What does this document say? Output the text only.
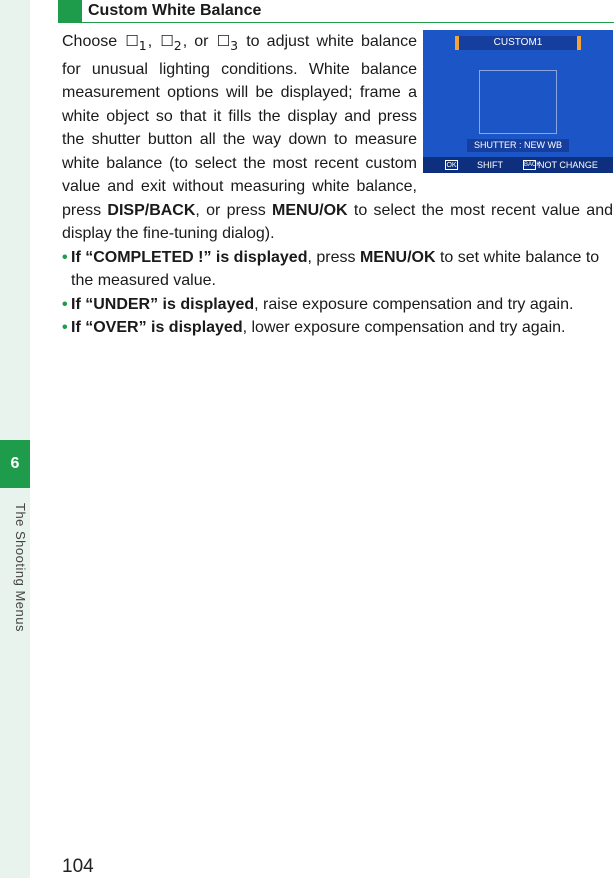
6
The Shooting Menus
Custom White Balance
CUSTOM1
SHUTTER : NEW WB
OK SHIFT	BACK
NOT CHANGE

Choose $☐_1$, $☐_2$, or $☐_3$ to adjust white balance for unusual lighting conditions. White balance measurement options will be displayed; frame a white object so that it fills the display and press the shutter button all the way down to measure white balance (to select the most recent custom value and exit without measuring white balance, press DISP/BACK, or press MENU/OK to select the most recent value and display the fine-tuning dialog).

• If “COMPLETED !” is displayed, press MENU/OK to set white balance to the measured value.
• If “UNDER” is displayed, raise exposure compensation and try again.
• If “OVER” is displayed, lower exposure compensation and try again.
104
